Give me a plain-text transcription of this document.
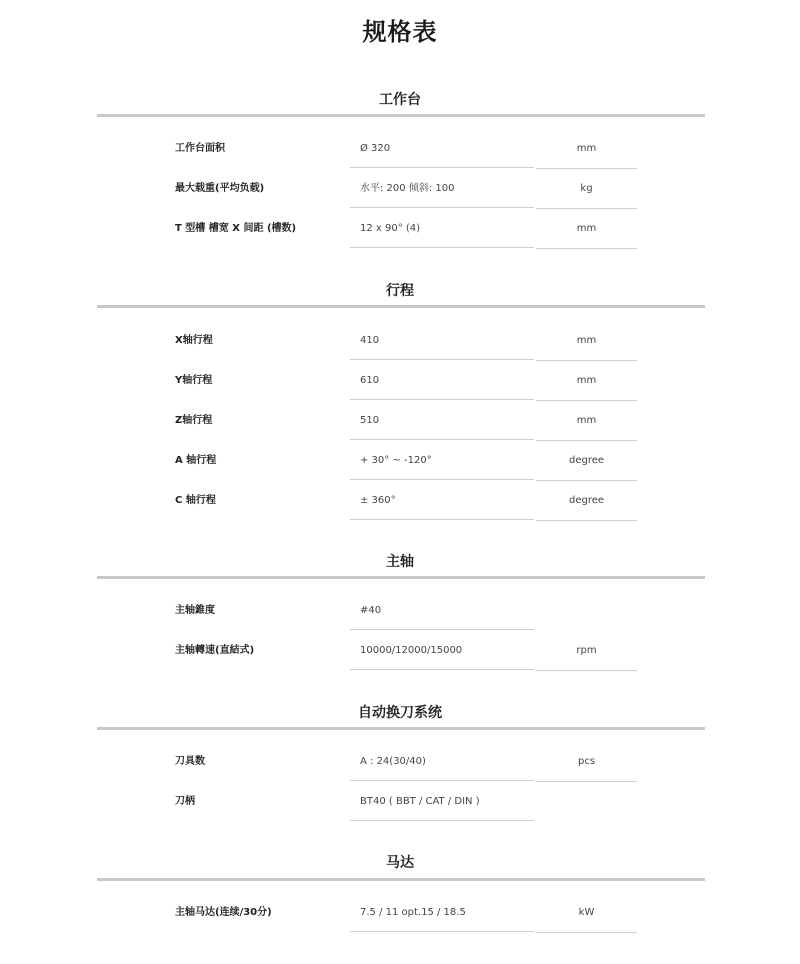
规格表
工作台
工作台面积	Ø 320	mm
最大载重(平均负载)	水平: 200 倾斜: 100	kg
T 型槽 槽宽 X 间距 (槽数)	12 x 90° (4)	mm
行程
X轴行程	410	mm
Y轴行程	610	mm
Z轴行程	510	mm
A 轴行程	+ 30° ~ -120°	degree
C 轴行程	± 360°	degree
主轴
主轴錐度	#40
主轴轉速(直結式)	10000/12000/15000	rpm
自动换刀系统
刀具数	A : 24(30/40)	pcs
刀柄	BT40 ( BBT / CAT / DIN )
马达
主轴马达(连续/30分)	7.5 / 11 opt.15 / 18.5	kW
